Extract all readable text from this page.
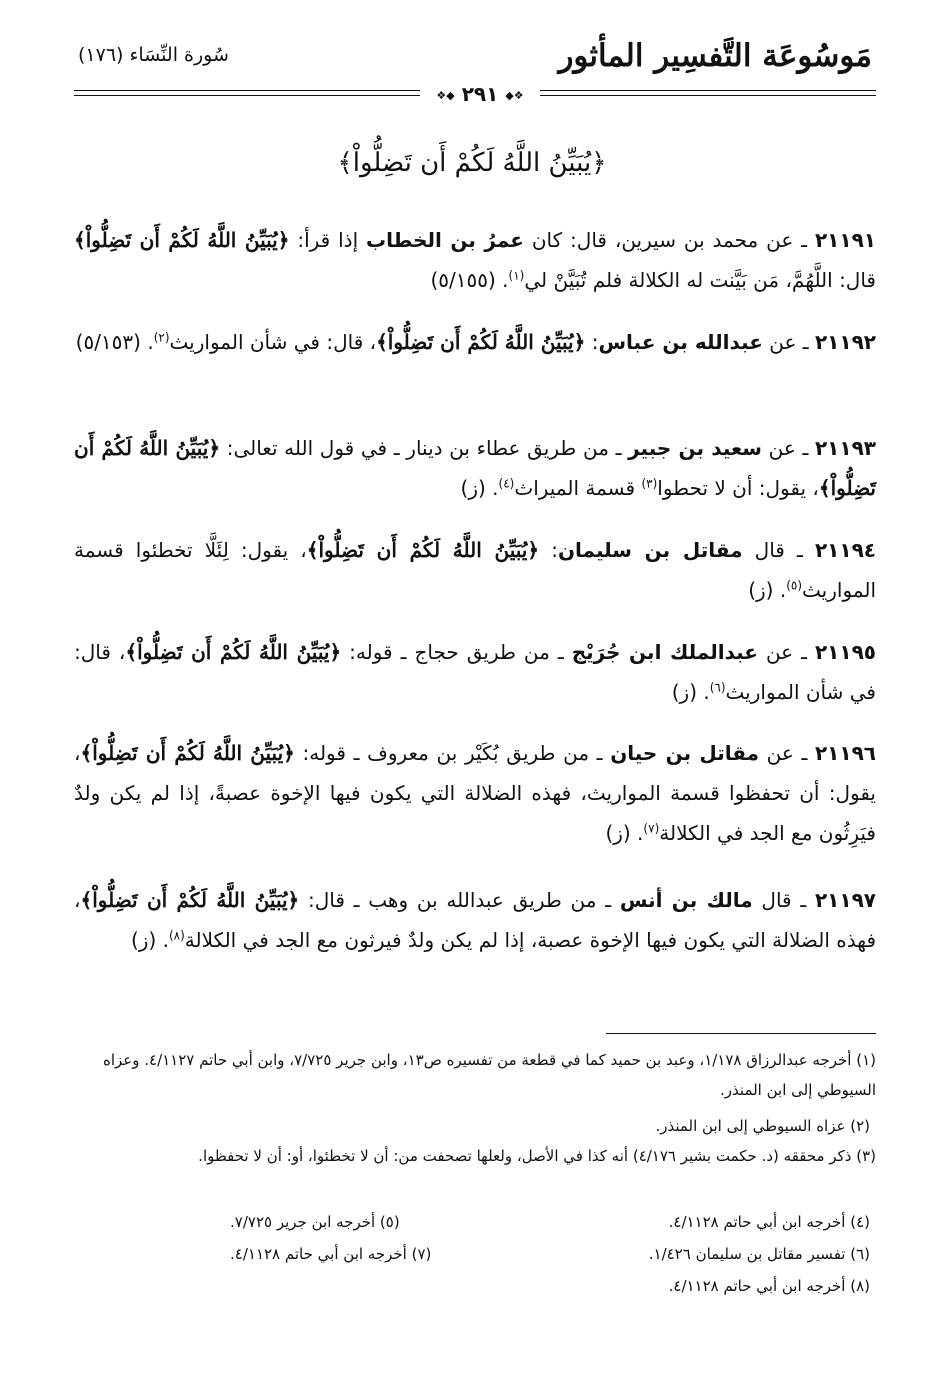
مَوسُوعَة التَّفسِير المأثور
سُورة النِّسَاء (١٧٦)
❖◆ ٢٩١ ◆❖
﴿يُبَيِّنُ اللَّهُ لَكُمْ أَن تَضِلُّواْ﴾

٢١١٩١ ـ عن محمد بن سيرين، قال: كان عمرُ بن الخطاب إذا قرأ: ﴿يُبَيِّنُ اللَّهُ لَكُمْ أَن تَضِلُّواْ﴾ قال: اللَّهُمَّ، مَن بَيَّنت له الكلالة فلم تُبَيَّنْ لي$^{(١)}$. (٥/١٥٥)

٢١١٩٢ ـ عن عبدالله بن عباس: ﴿يُبَيِّنُ اللَّهُ لَكُمْ أَن تَضِلُّواْ﴾، قال: في شأن المواريث$^{(٢)}$. (٥/١٥٣)

٢١١٩٣ ـ عن سعيد بن جبير ـ من طريق عطاء بن دينار ـ في قول الله تعالى: ﴿يُبَيِّنُ اللَّهُ لَكُمْ أَن تَضِلُّواْ﴾، يقول: أن لا تحطوا$^{(٣)}$ قسمة الميراث$^{(٤)}$. (ز)

٢١١٩٤ ـ قال مقاتل بن سليمان: ﴿يُبَيِّنُ اللَّهُ لَكُمْ أَن تَضِلُّواْ﴾، يقول: لِئَلَّا تخطئوا قسمة المواريث$^{(٥)}$. (ز)

٢١١٩٥ ـ عن عبدالملك ابن جُرَيْج ـ من طريق حجاج ـ قوله: ﴿يُبَيِّنُ اللَّهُ لَكُمْ أَن تَضِلُّواْ﴾، قال: في شأن المواريث$^{(٦)}$. (ز)

٢١١٩٦ ـ عن مقاتل بن حيان ـ من طريق بُكَيْر بن معروف ـ قوله: ﴿يُبَيِّنُ اللَّهُ لَكُمْ أَن تَضِلُّواْ﴾، يقول: أن تحفظوا قسمة المواريث، فهذه الضلالة التي يكون فيها الإخوة عصبةً، إذا لم يكن ولدٌ فيَرِثُون مع الجد في الكلالة$^{(٧)}$. (ز)

٢١١٩٧ ـ قال مالك بن أنس ـ من طريق عبدالله بن وهب ـ قال: ﴿يُبَيِّنُ اللَّهُ لَكُمْ أَن تَضِلُّواْ﴾، فهذه الضلالة التي يكون فيها الإخوة عصبة، إذا لم يكن ولدٌ فيرثون مع الجد في الكلالة$^{(٨)}$. (ز)

(١) أخرجه عبدالرزاق ١/١٧٨، وعبد بن حميد كما في قطعة من تفسيره ص١٣، وابن جرير ٧/٧٢٥، وابن أبي حاتم ٤/١١٢٧. وعزاه السيوطي إلى ابن المنذر.
(٢) عزاه السيوطي إلى ابن المنذر.
(٣) ذكر محققه (د. حكمت بشير ٤/١٧٦) أنه كذا في الأصل، ولعلها تصحفت من: أن لا تخطئوا، أو: أن لا تحفظوا.
(٤) أخرجه ابن أبي حاتم ٤/١١٢٨.
(٥) أخرجه ابن جرير ٧/٧٢٥.
(٦) تفسير مقاتل بن سليمان ١/٤٢٦.
(٧) أخرجه ابن أبي حاتم ٤/١١٢٨.
(٨) أخرجه ابن أبي حاتم ٤/١١٢٨.
